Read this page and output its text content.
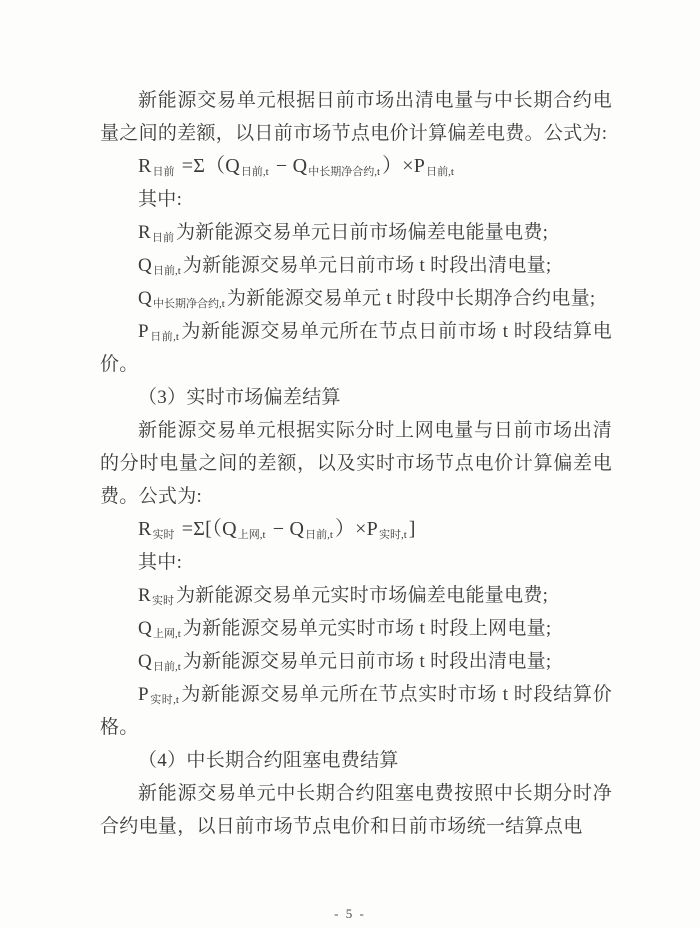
新能源交易单元根据日前市场出清电量与中长期合约电量之间的差额，以日前市场节点电价计算偏差电费。公式为:

$R_{日前} =\Sigma(Q_{日前,t} - Q_{中长期净合约,t}$ ）$\times P_{日前,t}$

其中:

$R_{日前}$ 为新能源交易单元日前市场偏差电能量电费;

$Q_{日前,t}$ 为新能源交易单元日前市场 t 时段出清电量;

$Q_{中长期净合约,t}$ 为新能源交易单元 t 时段中长期净合约电量;

$P_{日前,t}$ 为新能源交易单元所在节点日前市场 t 时段结算电价。

（3）实时市场偏差结算

新能源交易单元根据实际分时上网电量与日前市场出清的分时电量之间的差额，以及实时市场节点电价计算偏差电费。公式为:

$R_{实时} =\Sigma[(Q_{上网,t} - Q_{日前,t}$ ）$\times P_{实时,t}$ ]

其中:

$R_{实时}$ 为新能源交易单元实时市场偏差电能量电费;

$Q_{上网,t}$ 为新能源交易单元实时市场 t 时段上网电量;

$Q_{日前,t}$ 为新能源交易单元日前市场 t 时段出清电量;

$P_{实时,t}$ 为新能源交易单元所在节点实时市场 t 时段结算价格。

（4）中长期合约阻塞电费结算

新能源交易单元中长期合约阻塞电费按照中长期分时净合约电量，以日前市场节点电价和日前市场统一结算点电

- 5 -
